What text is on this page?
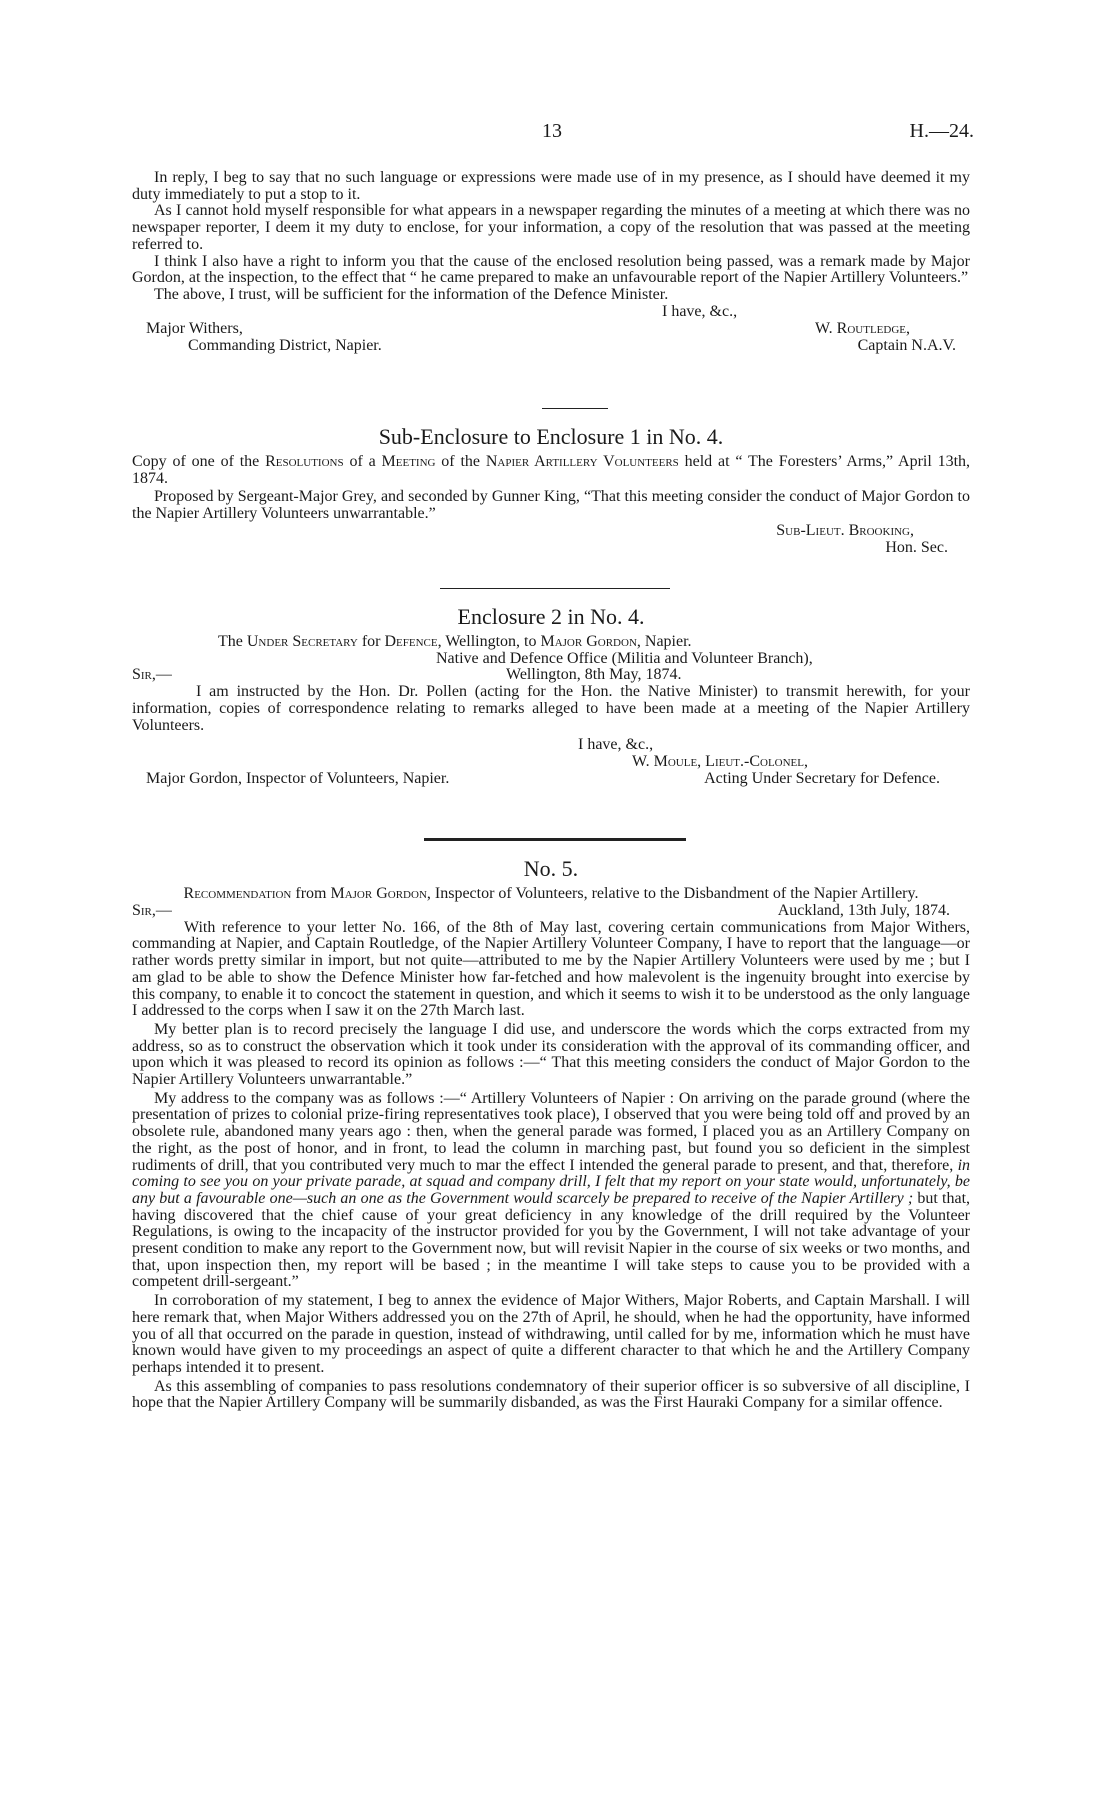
13	H.—24.

In reply, I beg to say that no such language or expressions were made use of in my presence, as I should have deemed it my duty immediately to put a stop to it.

As I cannot hold myself responsible for what appears in a newspaper regarding the minutes of a meeting at which there was no newspaper reporter, I deem it my duty to enclose, for your information, a copy of the resolution that was passed at the meeting referred to.

I think I also have a right to inform you that the cause of the enclosed resolution being passed, was a remark made by Major Gordon, at the inspection, to the effect that “ he came prepared to make an unfavourable report of the Napier Artillery Volunteers.”

The above, I trust, will be sufficient for the information of the Defence Minister.

I have, &c.,
Major Withers,	W. Routledge,
Commanding District, Napier.	Captain N.A.V.
Sub-Enclosure to Enclosure 1 in No. 4.

Copy of one of the Resolutions of a Meeting of the Napier Artillery Volunteers held at “ The Foresters’ Arms,” April 13th, 1874.

Proposed by Sergeant-Major Grey, and seconded by Gunner King, “That this meeting consider the conduct of Major Gordon to the Napier Artillery Volunteers unwarrantable.”

Sub-Lieut. Brooking,
Hon. Sec.
Enclosure 2 in No. 4.

The Under Secretary for Defence, Wellington, to Major Gordon, Napier.

Native and Defence Office (Militia and Volunteer Branch),
Sir,—	Wellington, 8th May, 1874.

I am instructed by the Hon. Dr. Pollen (acting for the Hon. the Native Minister) to transmit herewith, for your information, copies of correspondence relating to remarks alleged to have been made at a meeting of the Napier Artillery Volunteers.

I have, &c.,
W. Moule, Lieut.-Colonel,
Major Gordon, Inspector of Volunteers, Napier.	Acting Under Secretary for Defence.
No. 5.

Recommendation from Major Gordon, Inspector of Volunteers, relative to the Disbandment of the Napier Artillery.

Sir,—	Auckland, 13th July, 1874.

With reference to your letter No. 166, of the 8th of May last, covering certain communications from Major Withers, commanding at Napier, and Captain Routledge, of the Napier Artillery Volunteer Company, I have to report that the language—or rather words pretty similar in import, but not quite—attributed to me by the Napier Artillery Volunteers were used by me ; but I am glad to be able to show the Defence Minister how far-fetched and how malevolent is the ingenuity brought into exercise by this company, to enable it to concoct the statement in question, and which it seems to wish it to be understood as the only language I addressed to the corps when I saw it on the 27th March last.

My better plan is to record precisely the language I did use, and underscore the words which the corps extracted from my address, so as to construct the observation which it took under its consideration with the approval of its commanding officer, and upon which it was pleased to record its opinion as follows :—“ That this meeting considers the conduct of Major Gordon to the Napier Artillery Volunteers unwarrantable.”

My address to the company was as follows :—“ Artillery Volunteers of Napier : On arriving on the parade ground (where the presentation of prizes to colonial prize-firing representatives took place), I observed that you were being told off and proved by an obsolete rule, abandoned many years ago : then, when the general parade was formed, I placed you as an Artillery Company on the right, as the post of honor, and in front, to lead the column in marching past, but found you so deficient in the simplest rudiments of drill, that you contributed very much to mar the effect I intended the general parade to present, and that, therefore, in coming to see you on your private parade, at squad and company drill, I felt that my report on your state would, unfortunately, be any but a favourable one—such an one as the Government would scarcely be prepared to receive of the Napier Artillery ; but that, having discovered that the chief cause of your great deficiency in any knowledge of the drill required by the Volunteer Regulations, is owing to the incapacity of the instructor provided for you by the Government, I will not take advantage of your present condition to make any report to the Government now, but will revisit Napier in the course of six weeks or two months, and that, upon inspection then, my report will be based ; in the meantime I will take steps to cause you to be provided with a competent drill-sergeant.”

In corroboration of my statement, I beg to annex the evidence of Major Withers, Major Roberts, and Captain Marshall. I will here remark that, when Major Withers addressed you on the 27th of April, he should, when he had the opportunity, have informed you of all that occurred on the parade in question, instead of withdrawing, until called for by me, information which he must have known would have given to my proceedings an aspect of quite a different character to that which he and the Artillery Company perhaps intended it to present.

As this assembling of companies to pass resolutions condemnatory of their superior officer is so subversive of all discipline, I hope that the Napier Artillery Company will be summarily disbanded, as was the First Hauraki Company for a similar offence.
